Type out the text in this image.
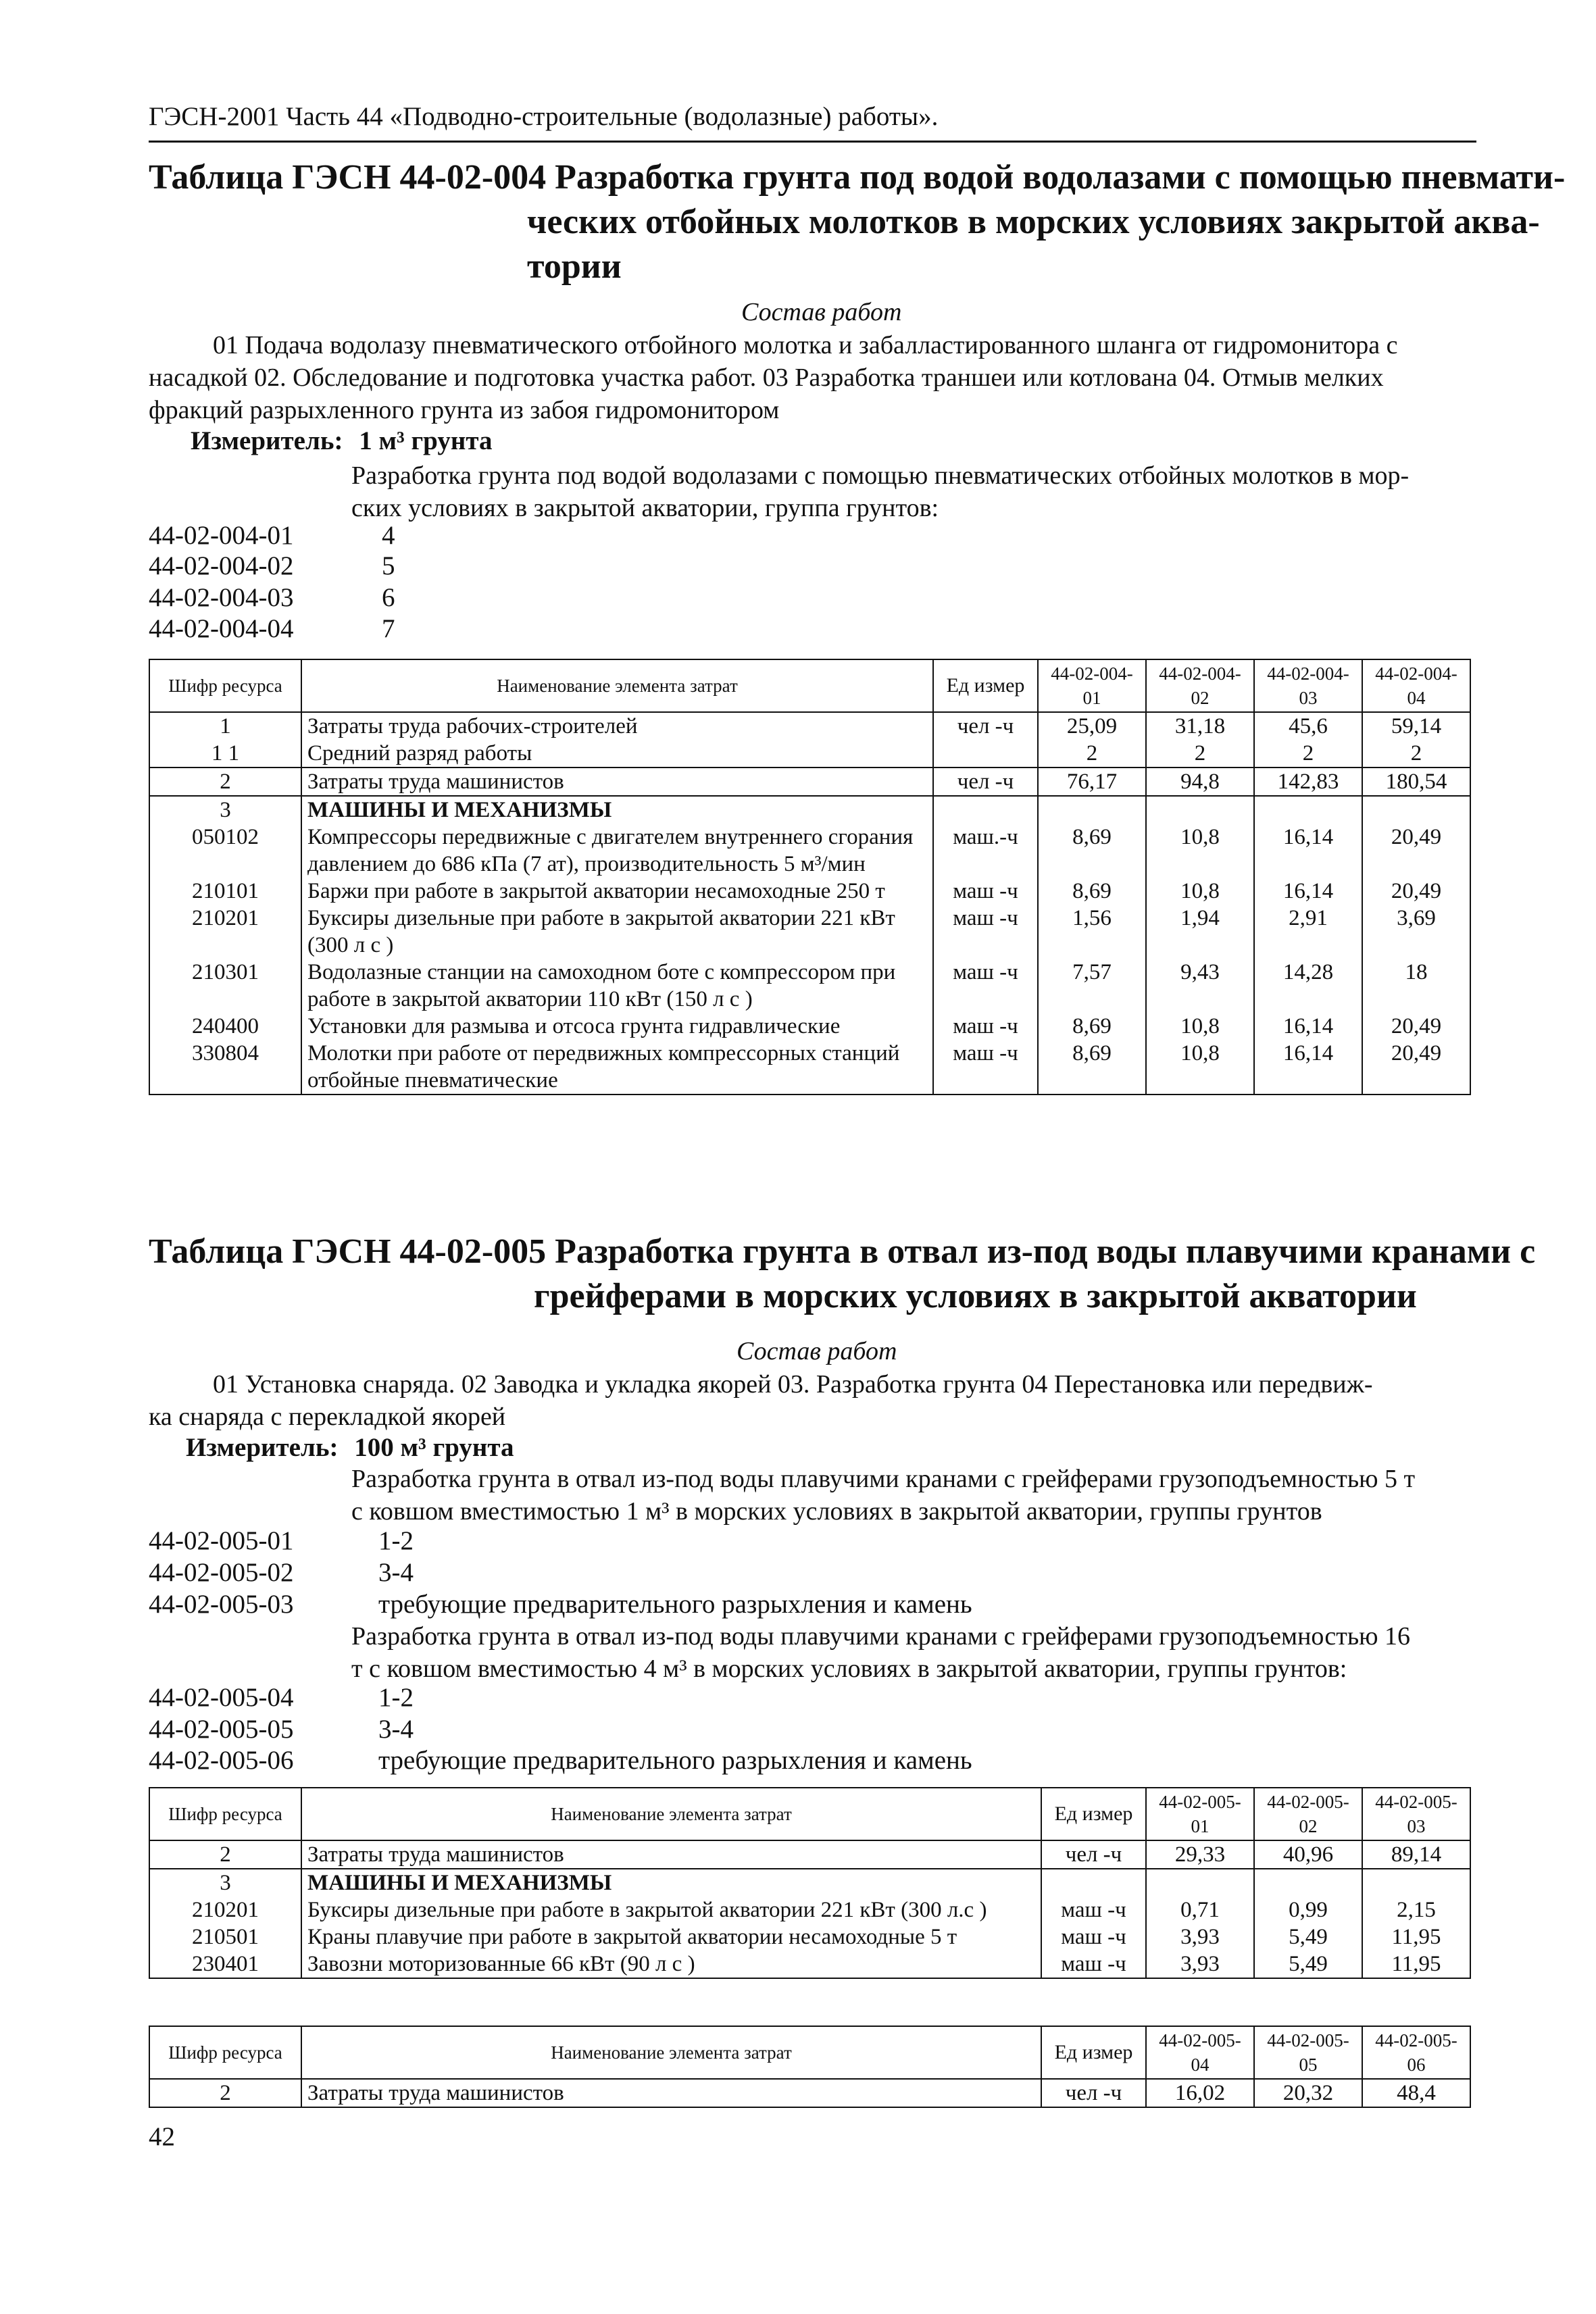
ГЭСН-2001 Часть 44 «Подводно-строительные (водолазные) работы».
Таблица ГЭСН 44-02-004 Разработка грунта под водой водолазами с помощью пневмати-
ческих отбойных молотков в морских условиях закрытой аква-
тории
Состав работ
01 Подача водолазу пневматического отбойного молотка и забалластированного шланга от гидромонитора с
насадкой 02. Обследование и подготовка участка работ. 03 Разработка траншеи или котлована 04. Отмыв мелких
фракций разрыхленного грунта из забоя гидромонитором
Измеритель: 1 м³ грунта
Разработка грунта под водой водолазами с помощью пневматических отбойных молотков в мор-
ских условиях в закрытой акватории, группа грунтов:
44-02-004-01	4
44-02-004-02	5
44-02-004-03	6
44-02-004-04	7
Шифр ресурса	Наименование элемента затрат	Ед измер	44-02-004-01	44-02-004-02	44-02-004-03	44-02-004-04
1	Затраты труда рабочих-строителей	чел -ч	25,09	31,18	45,6	59,14
1 1	Средний разряд работы		2	2	2	2
2	Затраты труда машинистов	чел -ч	76,17	94,8	142,83	180,54
3	МАШИНЫ И МЕХАНИЗМЫ					
050102	Компрессоры передвижные с двигателем внутреннего сгорания давлением до 686 кПа (7 ат), производительность 5 м³/мин	маш.-ч	8,69	10,8	16,14	20,49
210101	Баржи при работе в закрытой акватории несамоходные 250 т	маш -ч	8,69	10,8	16,14	20,49
210201	Буксиры дизельные при работе в закрытой акватории 221 кВт (300 л с )	маш -ч	1,56	1,94	2,91	3,69
210301	Водолазные станции на самоходном боте с компрессором при работе в закрытой акватории 110 кВт (150 л с )	маш -ч	7,57	9,43	14,28	18
240400	Установки для размыва и отсоса грунта гидравлические	маш -ч	8,69	10,8	16,14	20,49
330804	Молотки при работе от передвижных компрессорных станций отбойные пневматические	маш -ч	8,69	10,8	16,14	20,49
Таблица ГЭСН 44-02-005 Разработка грунта в отвал из-под воды плавучими кранами с
грейферами в морских условиях в закрытой акватории
Состав работ
01 Установка снаряда. 02 Заводка и укладка якорей 03. Разработка грунта 04 Перестановка или передвиж-
ка снаряда с перекладкой якорей
Измеритель: 100 м³ грунта
Разработка грунта в отвал из-под воды плавучими кранами с грейферами грузоподъемностью 5 т
с ковшом вместимостью 1 м³ в морских условиях в закрытой акватории, группы грунтов
44-02-005-01	1-2
44-02-005-02	3-4
44-02-005-03	требующие предварительного разрыхления и камень
Разработка грунта в отвал из-под воды плавучими кранами с грейферами грузоподъемностью 16
т с ковшом вместимостью 4 м³ в морских условиях в закрытой акватории, группы грунтов:
44-02-005-04	1-2
44-02-005-05	3-4
44-02-005-06	требующие предварительного разрыхления и камень
Шифр ресурса	Наименование элемента затрат	Ед измер	44-02-005-01	44-02-005-02	44-02-005-03
2	Затраты труда машинистов	чел -ч	29,33	40,96	89,14
3	МАШИНЫ И МЕХАНИЗМЫ				
210201	Буксиры дизельные при работе в закрытой акватории 221 кВт (300 л.с )	маш -ч	0,71	0,99	2,15
210501	Краны плавучие при работе в закрытой акватории несамоходные 5 т	маш -ч	3,93	5,49	11,95
230401	Завозни моторизованные 66 кВт (90 л с )	маш -ч	3,93	5,49	11,95
Шифр ресурса	Наименование элемента затрат	Ед измер	44-02-005-04	44-02-005-05	44-02-005-06
2	Затраты труда машинистов	чел -ч	16,02	20,32	48,4
42
